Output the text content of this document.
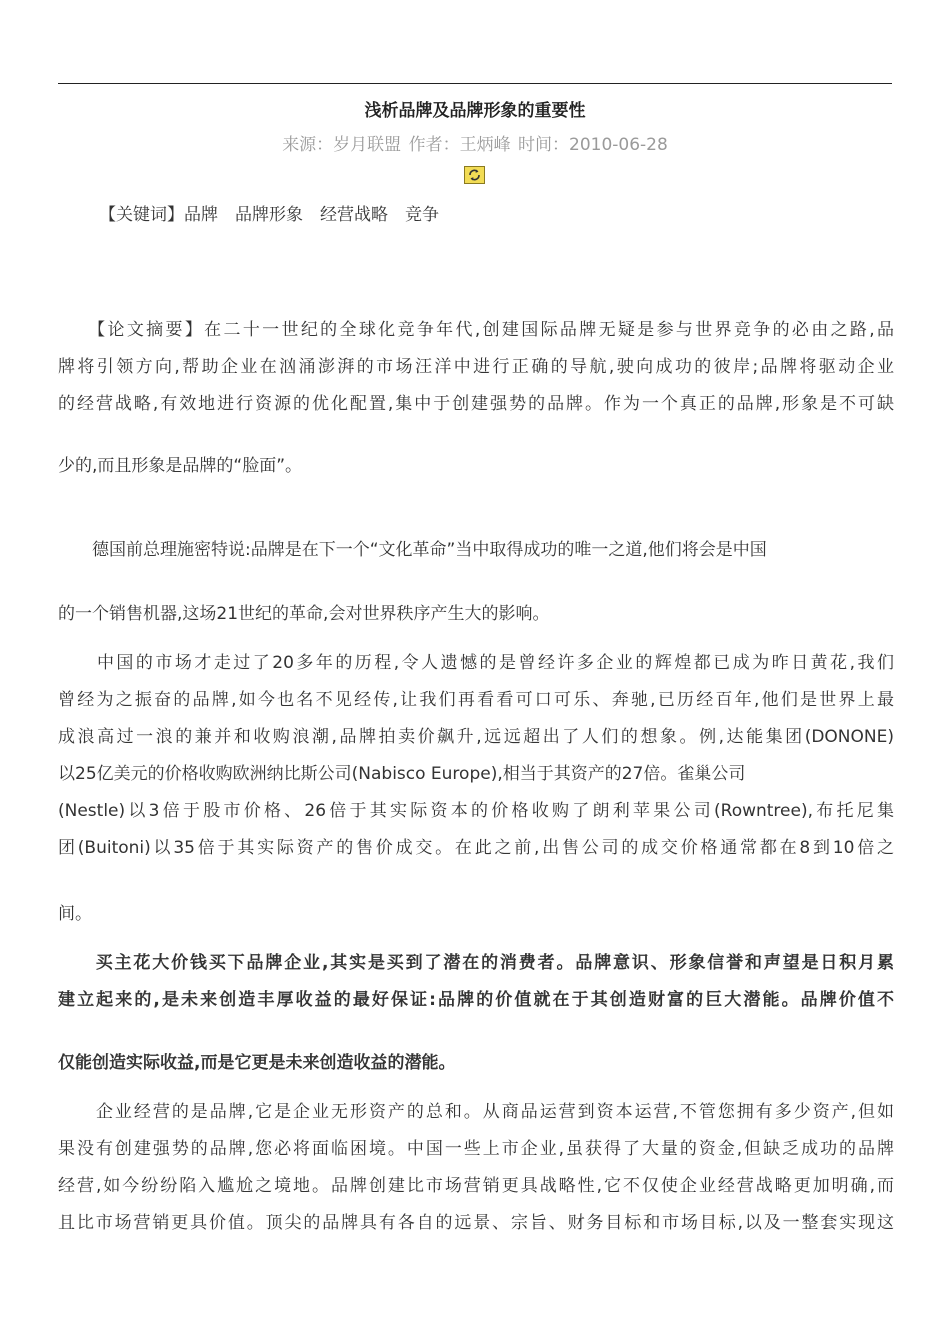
浅析品牌及品牌形象的重要性
来源：岁月联盟 作者：王炳峰 时间：2010-06-28
【关键词】品牌　品牌形象　经营战略　竞争
　　【论文摘要】在二十一世纪的全球化竞争年代,创建国际品牌无疑是参与世界竞争的必由之路,品
牌将引领方向,帮助企业在汹涌澎湃的市场汪洋中进行正确的导航,驶向成功的彼岸;品牌将驱动企业
的经营战略,有效地进行资源的优化配置,集中于创建强势的品牌。作为一个真正的品牌,形象是不可缺
少的,而且形象是品牌的“脸面”。
　　德国前总理施密特说:品牌是在下一个“文化革命”当中取得成功的唯一之道,他们将会是中国
的一个销售机器,这场21世纪的革命,会对世界秩序产生大的影响。
　　中国的市场才走过了20多年的历程,令人遗憾的是曾经许多企业的辉煌都已成为昨日黄花,我们
曾经为之振奋的品牌,如今也名不见经传,让我们再看看可口可乐、奔驰,已历经百年,他们是世界上最
成浪高过一浪的兼并和收购浪潮,品牌拍卖价飙升,远远超出了人们的想象。例,达能集团(DONONE)
以25亿美元的价格收购欧洲纳比斯公司(Nabisco Europe),相当于其资产的27倍。雀巢公司
(Nestle)以3倍于股市价格、26倍于其实际资本的价格收购了朗利苹果公司(Rowntree),布托尼集
团(Buitoni)以35倍于其实际资产的售价成交。在此之前,出售公司的成交价格通常都在8到10倍之
间。
　　买主花大价钱买下品牌企业,其实是买到了潜在的消费者。品牌意识、形象信誉和声望是日积月累
建立起来的,是未来创造丰厚收益的最好保证:品牌的价值就在于其创造财富的巨大潜能。品牌价值不
仅能创造实际收益,而是它更是未来创造收益的潜能。
　　企业经营的是品牌,它是企业无形资产的总和。从商品运营到资本运营,不管您拥有多少资产,但如
果没有创建强势的品牌,您必将面临困境。中国一些上市企业,虽获得了大量的资金,但缺乏成功的品牌
经营,如今纷纷陷入尴尬之境地。品牌创建比市场营销更具战略性,它不仅使企业经营战略更加明确,而
且比市场营销更具价值。顶尖的品牌具有各自的远景、宗旨、财务目标和市场目标,以及一整套实现这
